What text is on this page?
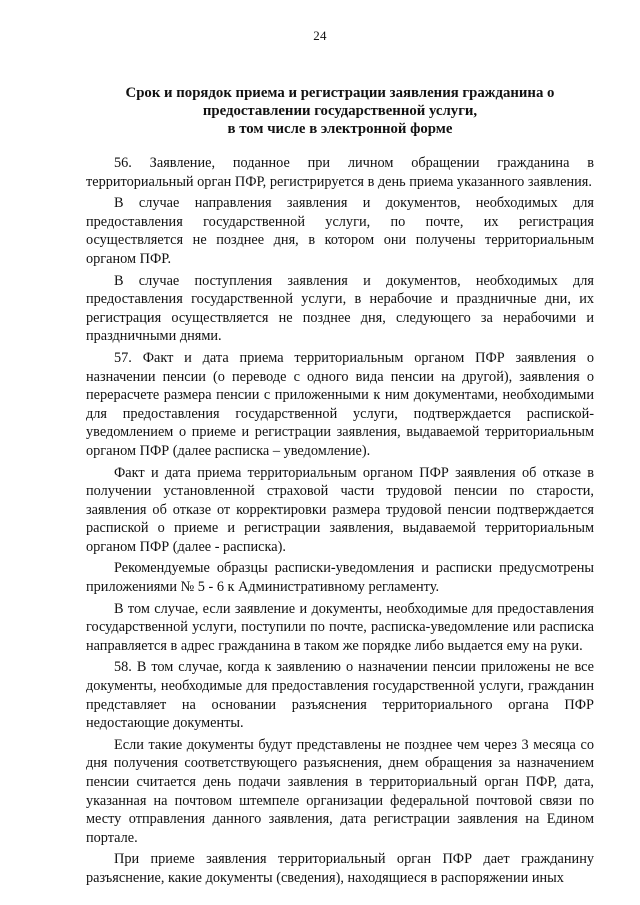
24
Срок и порядок приема и регистрации заявления гражданина о
предоставлении государственной услуги,
в том числе в электронной форме

56. Заявление, поданное при личном обращении гражданина в территориальный орган ПФР, регистрируется в день приема указанного заявления.

В случае направления заявления и документов, необходимых для предоставления государственной услуги, по почте, их регистрация осуществляется не позднее дня, в котором они получены территориальным органом ПФР.

В случае поступления заявления и документов, необходимых для предоставления государственной услуги, в нерабочие и праздничные дни, их регистрация осуществляется не позднее дня, следующего за нерабочими и праздничными днями.

57. Факт и дата приема территориальным органом ПФР заявления о назначении пенсии (о переводе с одного вида пенсии на другой), заявления о перерасчете размера пенсии с приложенными к ним документами, необходимыми для предоставления государственной услуги, подтверждается распиской-уведомлением о приеме и регистрации заявления, выдаваемой территориальным органом ПФР (далее расписка – уведомление).

Факт и дата приема территориальным органом ПФР заявления об отказе в получении установленной страховой части трудовой пенсии по старости, заявления об отказе от корректировки размера трудовой пенсии подтверждается распиской о приеме и регистрации заявления, выдаваемой территориальным органом ПФР (далее - расписка).

Рекомендуемые образцы расписки-уведомления и расписки предусмотрены приложениями № 5 - 6 к Административному регламенту.

В том случае, если заявление и документы, необходимые для предоставления государственной услуги, поступили по почте, расписка-уведомление или расписка направляется в адрес гражданина в таком же порядке либо выдается ему на руки.

58. В том случае, когда к заявлению о назначении пенсии приложены не все документы, необходимые для предоставления государственной услуги, гражданин представляет на основании разъяснения территориального органа ПФР недостающие документы.

Если такие документы будут представлены не позднее чем через 3 месяца со дня получения соответствующего разъяснения, днем обращения за назначением пенсии считается день подачи заявления в территориальный орган ПФР, дата, указанная на почтовом штемпеле организации федеральной почтовой связи по месту отправления данного заявления, дата регистрации заявления на Едином портале.

При приеме заявления территориальный орган ПФР дает гражданину разъяснение, какие документы (сведения), находящиеся в распоряжении иных
